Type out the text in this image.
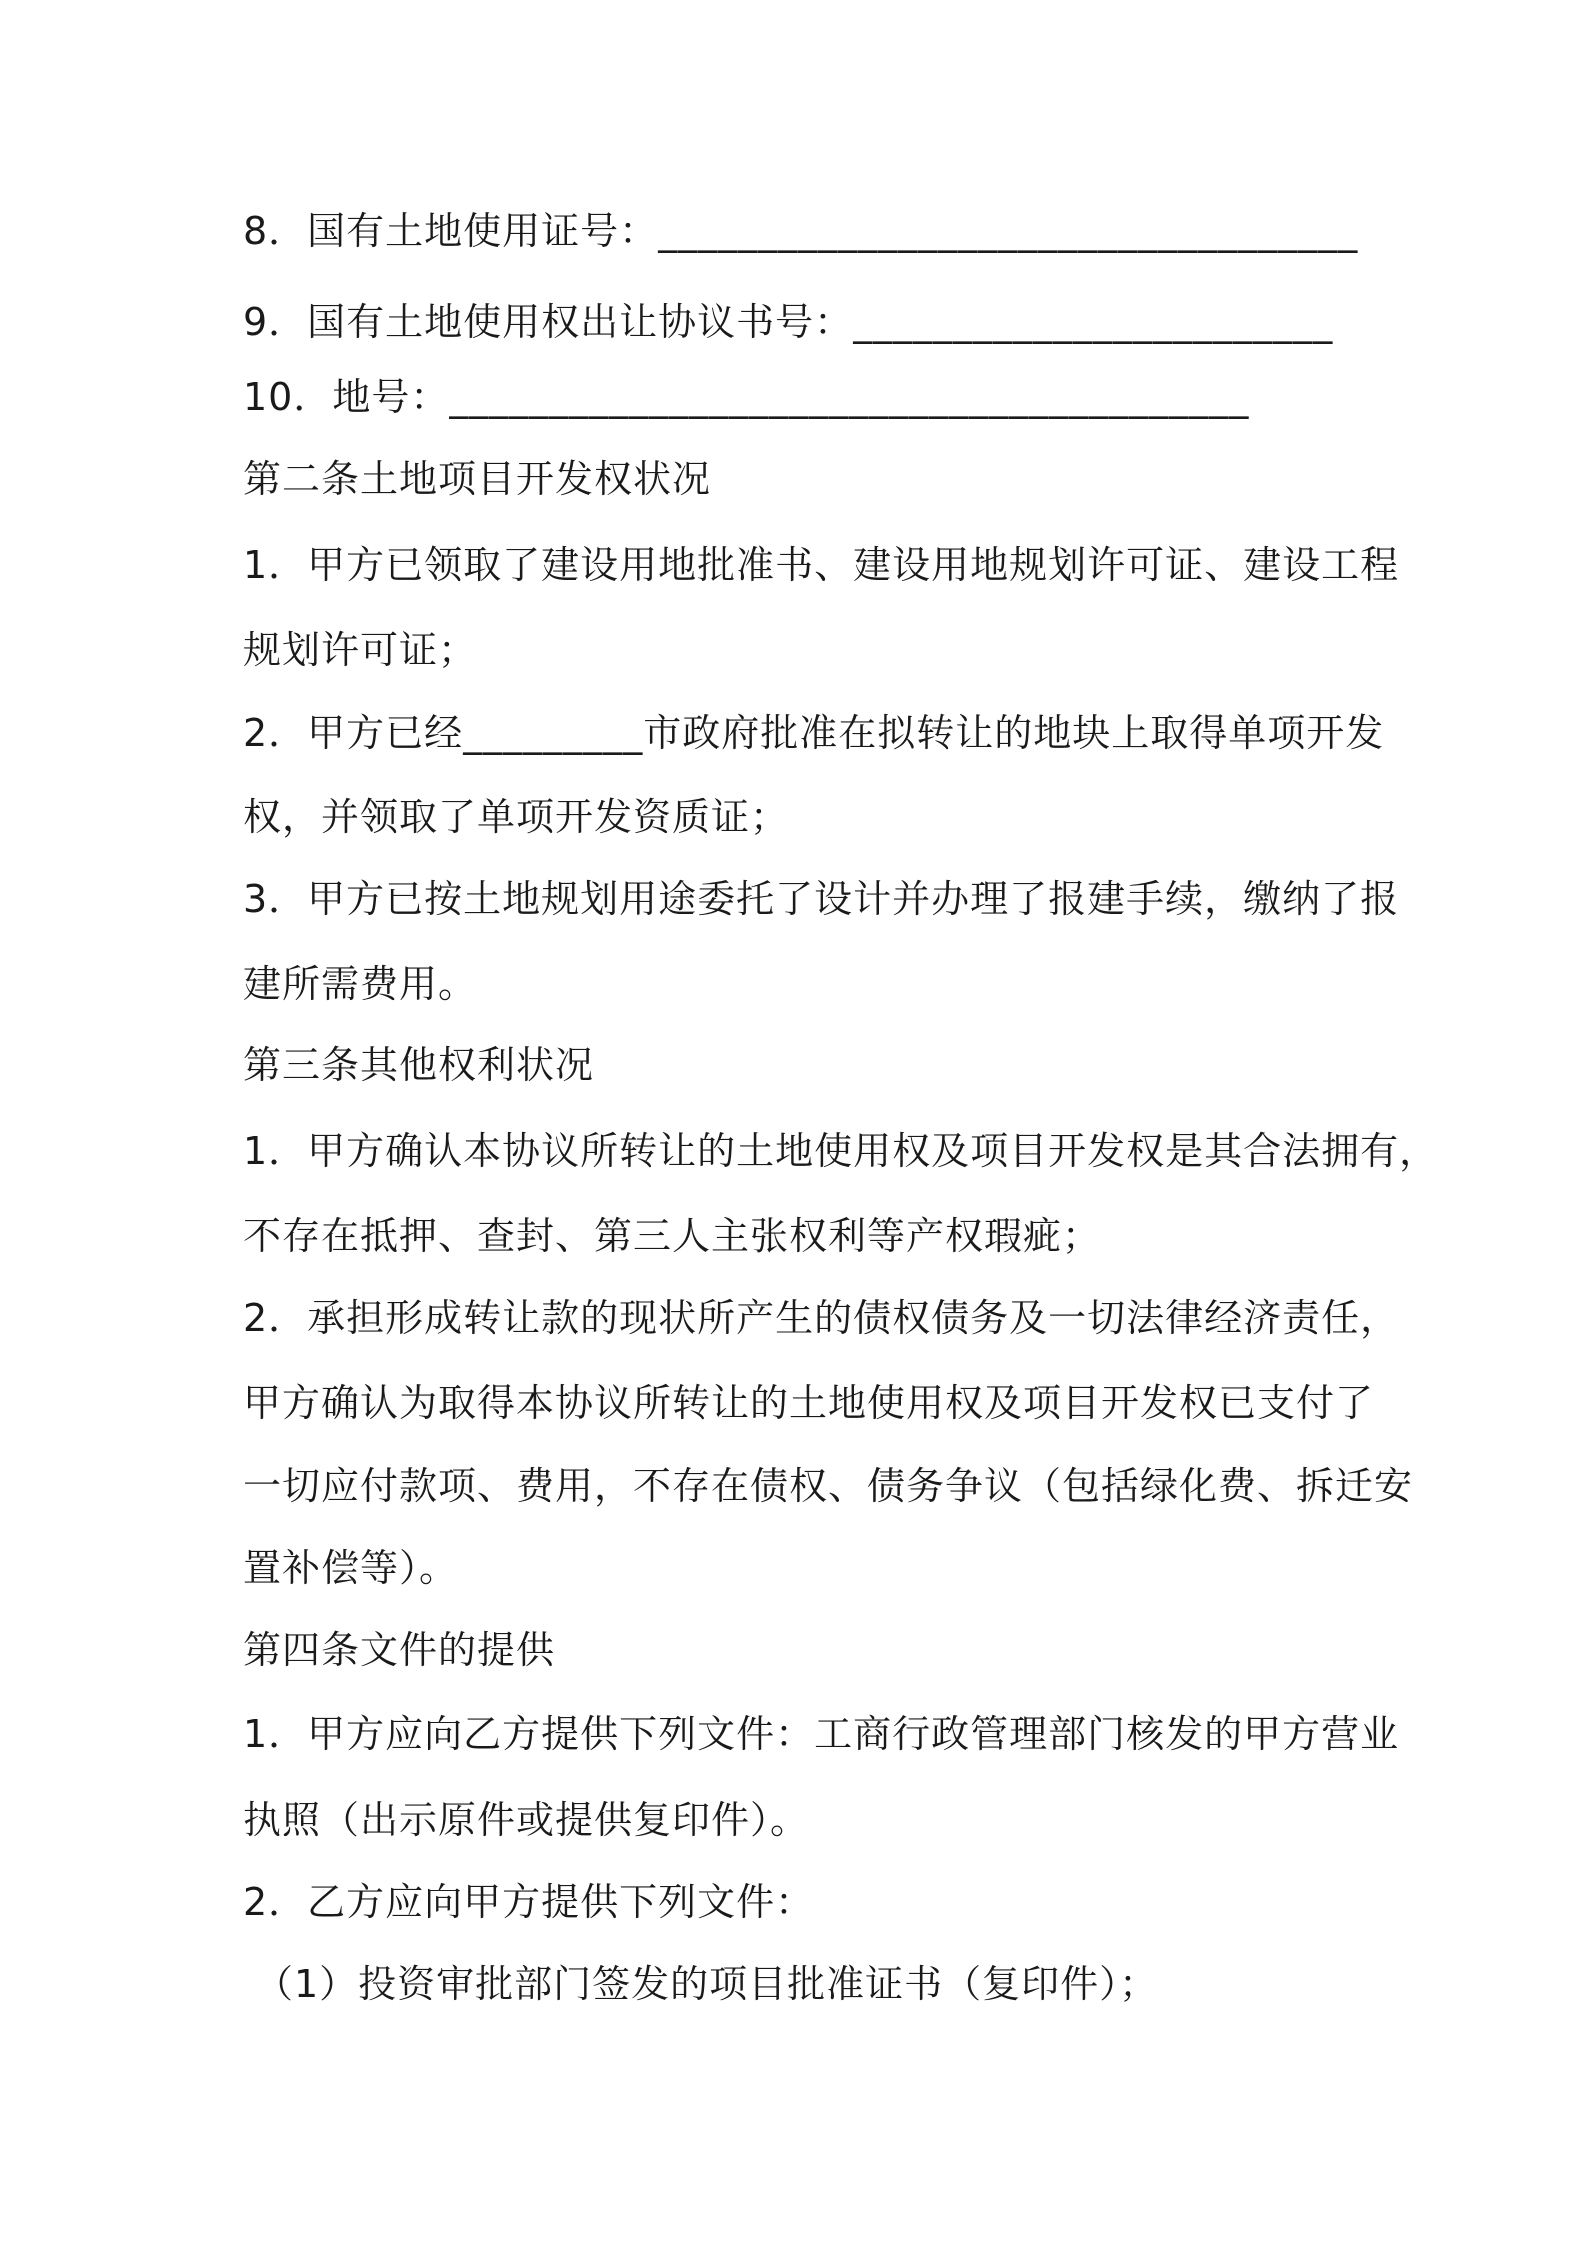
8．国有土地使用证号：___________________________________
9．国有土地使用权出让协议书号：________________________
10．地号：________________________________________
第二条土地项目开发权状况
1．甲方已领取了建设用地批准书、建设用地规划许可证、建设工程
规划许可证；
2．甲方已经_________市政府批准在拟转让的地块上取得单项开发
权，并领取了单项开发资质证；
3．甲方已按土地规划用途委托了设计并办理了报建手续，缴纳了报
建所需费用。
第三条其他权利状况
1．甲方确认本协议所转让的土地使用权及项目开发权是其合法拥有，
不存在抵押、查封、第三人主张权利等产权瑕疵；
2．承担形成转让款的现状所产生的债权债务及一切法律经济责任，
甲方确认为取得本协议所转让的土地使用权及项目开发权已支付了
一切应付款项、费用，不存在债权、债务争议（包括绿化费、拆迁安
置补偿等）。
第四条文件的提供
1．甲方应向乙方提供下列文件：工商行政管理部门核发的甲方营业
执照（出示原件或提供复印件）。
2．乙方应向甲方提供下列文件：
（1）投资审批部门签发的项目批准证书（复印件）；
